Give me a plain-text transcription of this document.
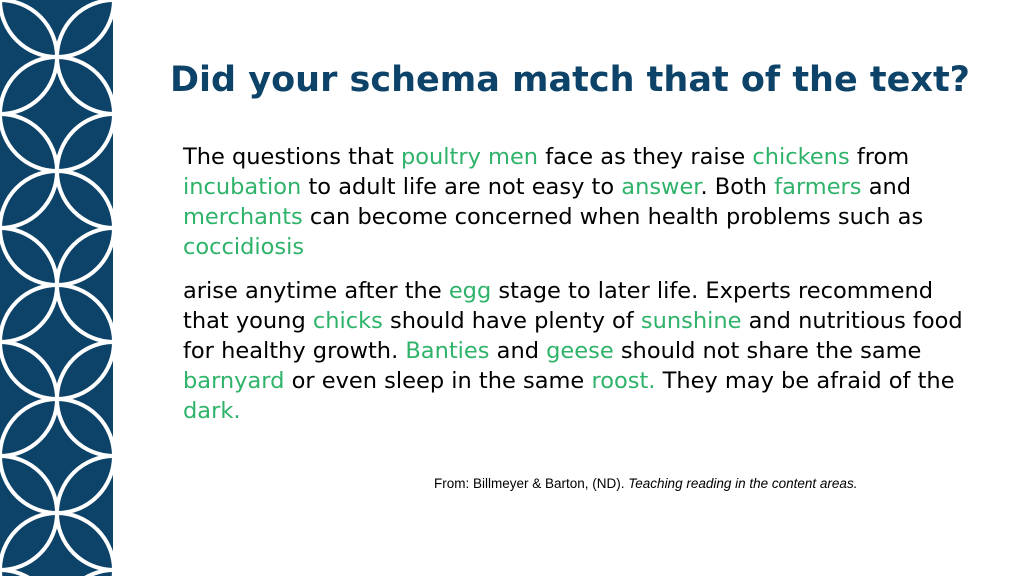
Did your schema match that of the text?

The questions that poultry men face as they raise chickens from incubation to adult life are not easy to answer. Both farmers and merchants can become concerned when health problems such as coccidiosis

arise anytime after the egg stage to later life. Experts recommend that young chicks should have plenty of sunshine and nutritious food for healthy growth. Banties and geese should not share the same barnyard or even sleep in the same roost. They may be afraid of the dark.

From: Billmeyer & Barton, (ND). Teaching reading in the content areas.
